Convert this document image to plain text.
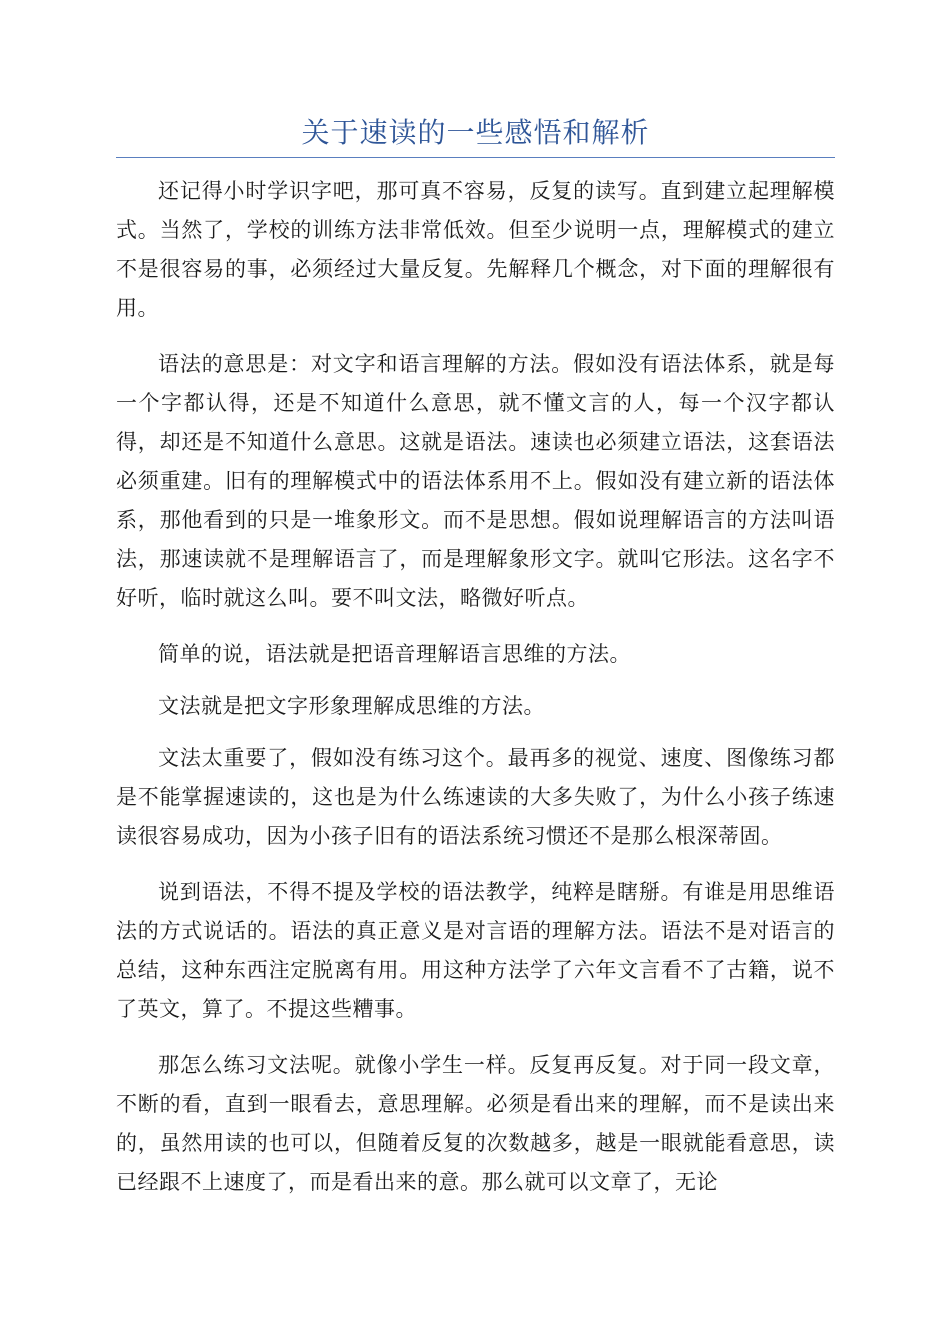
关于速读的一些感悟和解析

还记得小时学识字吧，那可真不容易，反复的读写。直到建立起理解模式。当然了，学校的训练方法非常低效。但至少说明一点，理解模式的建立不是很容易的事，必须经过大量反复。先解释几个概念，对下面的理解很有用。

语法的意思是：对文字和语言理解的方法。假如没有语法体系，就是每一个字都认得，还是不知道什么意思，就不懂文言的人，每一个汉字都认得，却还是不知道什么意思。这就是语法。速读也必须建立语法，这套语法必须重建。旧有的理解模式中的语法体系用不上。假如没有建立新的语法体系，那他看到的只是一堆象形文。而不是思想。假如说理解语言的方法叫语法，那速读就不是理解语言了，而是理解象形文字。就叫它形法。这名字不好听，临时就这么叫。要不叫文法，略微好听点。

简单的说，语法就是把语音理解语言思维的方法。

文法就是把文字形象理解成思维的方法。

文法太重要了，假如没有练习这个。最再多的视觉、速度、图像练习都是不能掌握速读的，这也是为什么练速读的大多失败了，为什么小孩子练速读很容易成功，因为小孩子旧有的语法系统习惯还不是那么根深蒂固。

说到语法，不得不提及学校的语法教学，纯粹是瞎掰。有谁是用思维语法的方式说话的。语法的真正意义是对言语的理解方法。语法不是对语言的总结，这种东西注定脱离有用。用这种方法学了六年文言看不了古籍，说不了英文，算了。不提这些糟事。

那怎么练习文法呢。就像小学生一样。反复再反复。对于同一段文章，不断的看，直到一眼看去，意思理解。必须是看出来的理解，而不是读出来的，虽然用读的也可以，但随着反复的次数越多，越是一眼就能看意思，读已经跟不上速度了，而是看出来的意。那么就可以文章了，无论
